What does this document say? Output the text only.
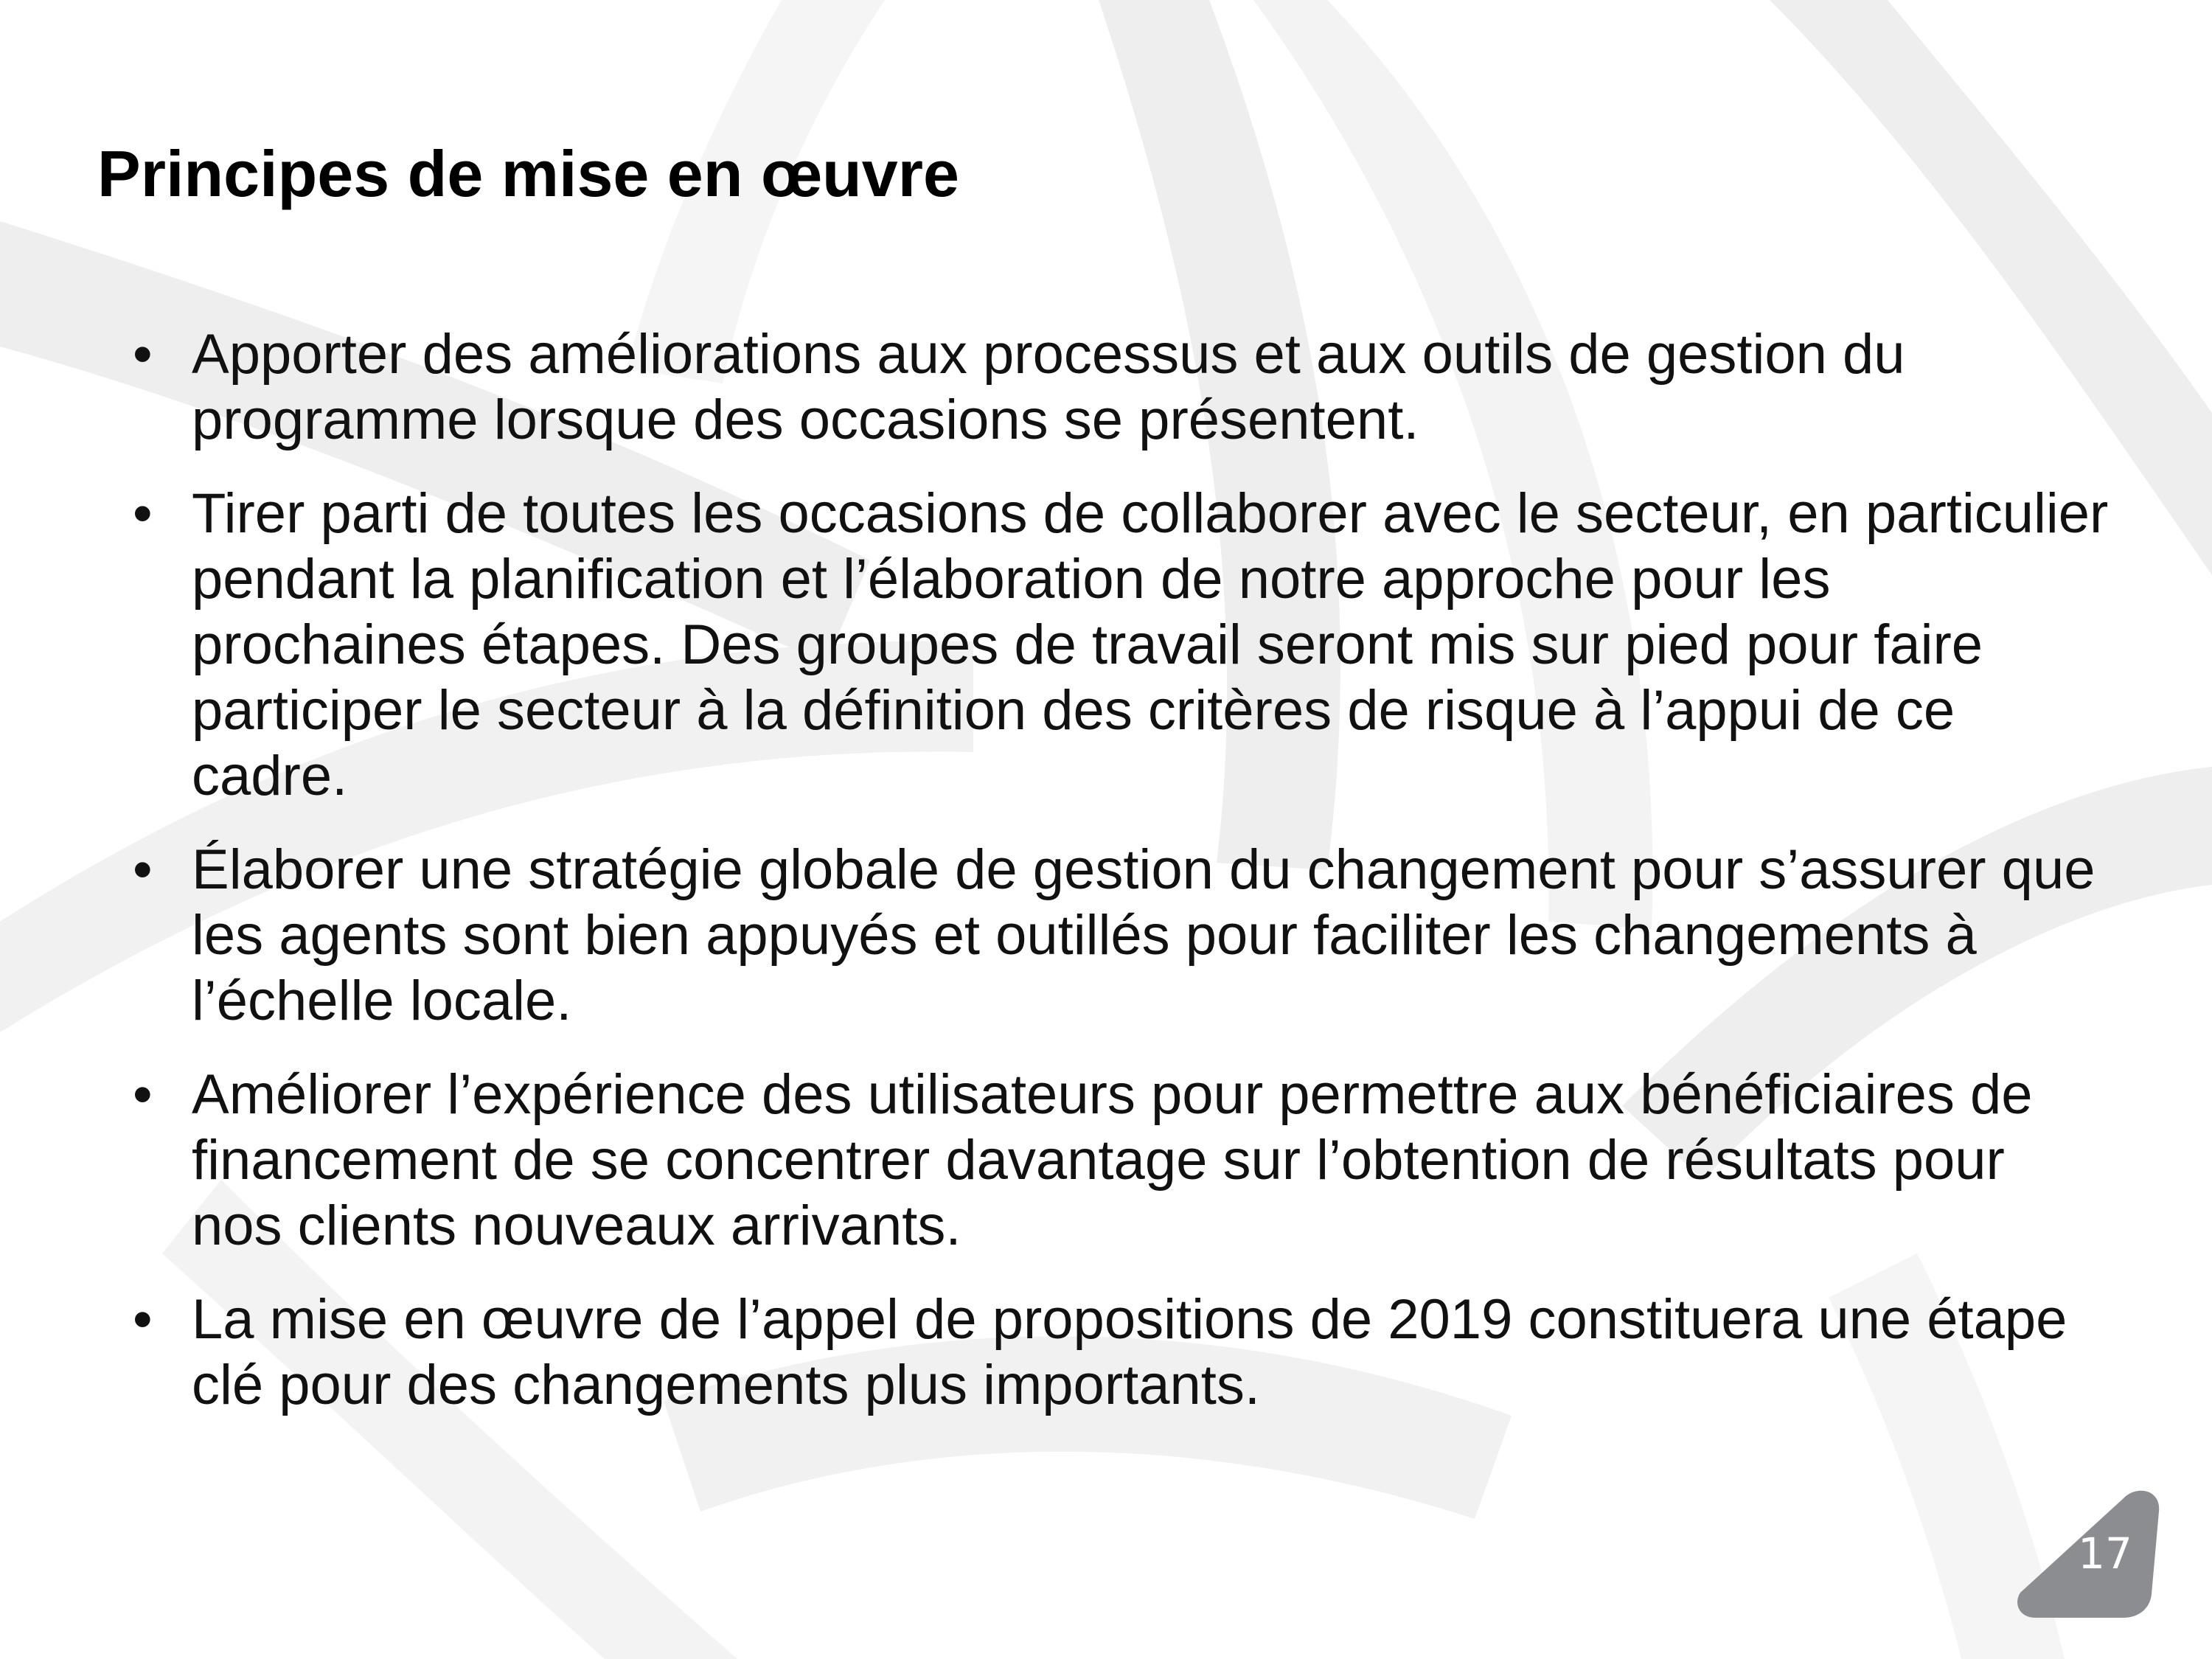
Principes de mise en œuvre
• Apporter des améliorations aux processus et aux outils de gestion du programme lorsque des occasions se présentent.
• Tirer parti de toutes les occasions de collaborer avec le secteur, en particulier pendant la planification et l’élaboration de notre approche pour les prochaines étapes. Des groupes de travail seront mis sur pied pour faire participer le secteur à la définition des critères de risque à l’appui de ce cadre.
• Élaborer une stratégie globale de gestion du changement pour s’assurer que les agents sont bien appuyés et outillés pour faciliter les changements à l’échelle locale.
• Améliorer l’expérience des utilisateurs pour permettre aux bénéficiaires de financement de se concentrer davantage sur l’obtention de résultats pour nos clients nouveaux arrivants.
• La mise en œuvre de l’appel de propositions de 2019 constituera une étape clé pour des changements plus importants.
17
